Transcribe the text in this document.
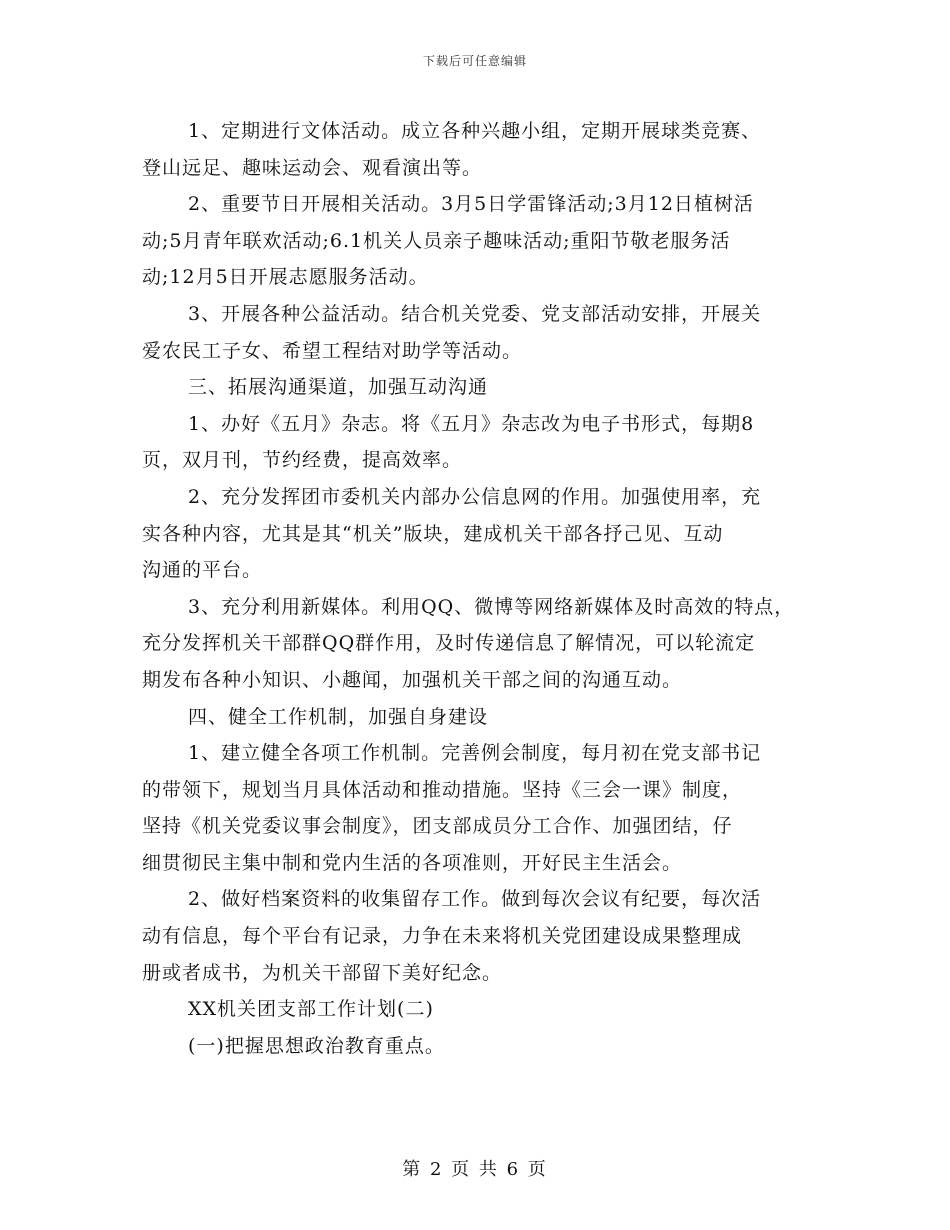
下载后可任意编辑

1、定期进行文体活动。成立各种兴趣小组，定期开展球类竞赛、
登山远足、趣味运动会、观看演出等。

2、重要节日开展相关活动。3月5日学雷锋活动;3月12日植树活
动;5月青年联欢活动;6.1机关人员亲子趣味活动;重阳节敬老服务活
动;12月5日开展志愿服务活动。

3、开展各种公益活动。结合机关党委、党支部活动安排，开展关
爱农民工子女、希望工程结对助学等活动。

三、拓展沟通渠道，加强互动沟通

1、办好《五月》杂志。将《五月》杂志改为电子书形式，每期8
页，双月刊，节约经费，提高效率。

2、充分发挥团市委机关内部办公信息网的作用。加强使用率，充
实各种内容，尤其是其“机关”版块，建成机关干部各抒己见、互动
沟通的平台。

3、充分利用新媒体。利用QQ、微博等网络新媒体及时高效的特点，
充分发挥机关干部群QQ群作用，及时传递信息了解情况，可以轮流定
期发布各种小知识、小趣闻，加强机关干部之间的沟通互动。

四、健全工作机制，加强自身建设

1、建立健全各项工作机制。完善例会制度，每月初在党支部书记
的带领下，规划当月具体活动和推动措施。坚持《三会一课》制度，
坚持《机关党委议事会制度》，团支部成员分工合作、加强团结，仔
细贯彻民主集中制和党内生活的各项准则，开好民主生活会。

2、做好档案资料的收集留存工作。做到每次会议有纪要，每次活
动有信息，每个平台有记录，力争在未来将机关党团建设成果整理成
册或者成书，为机关干部留下美好纪念。

XX机关团支部工作计划(二)

(一)把握思想政治教育重点。

第 2 页 共 6 页
